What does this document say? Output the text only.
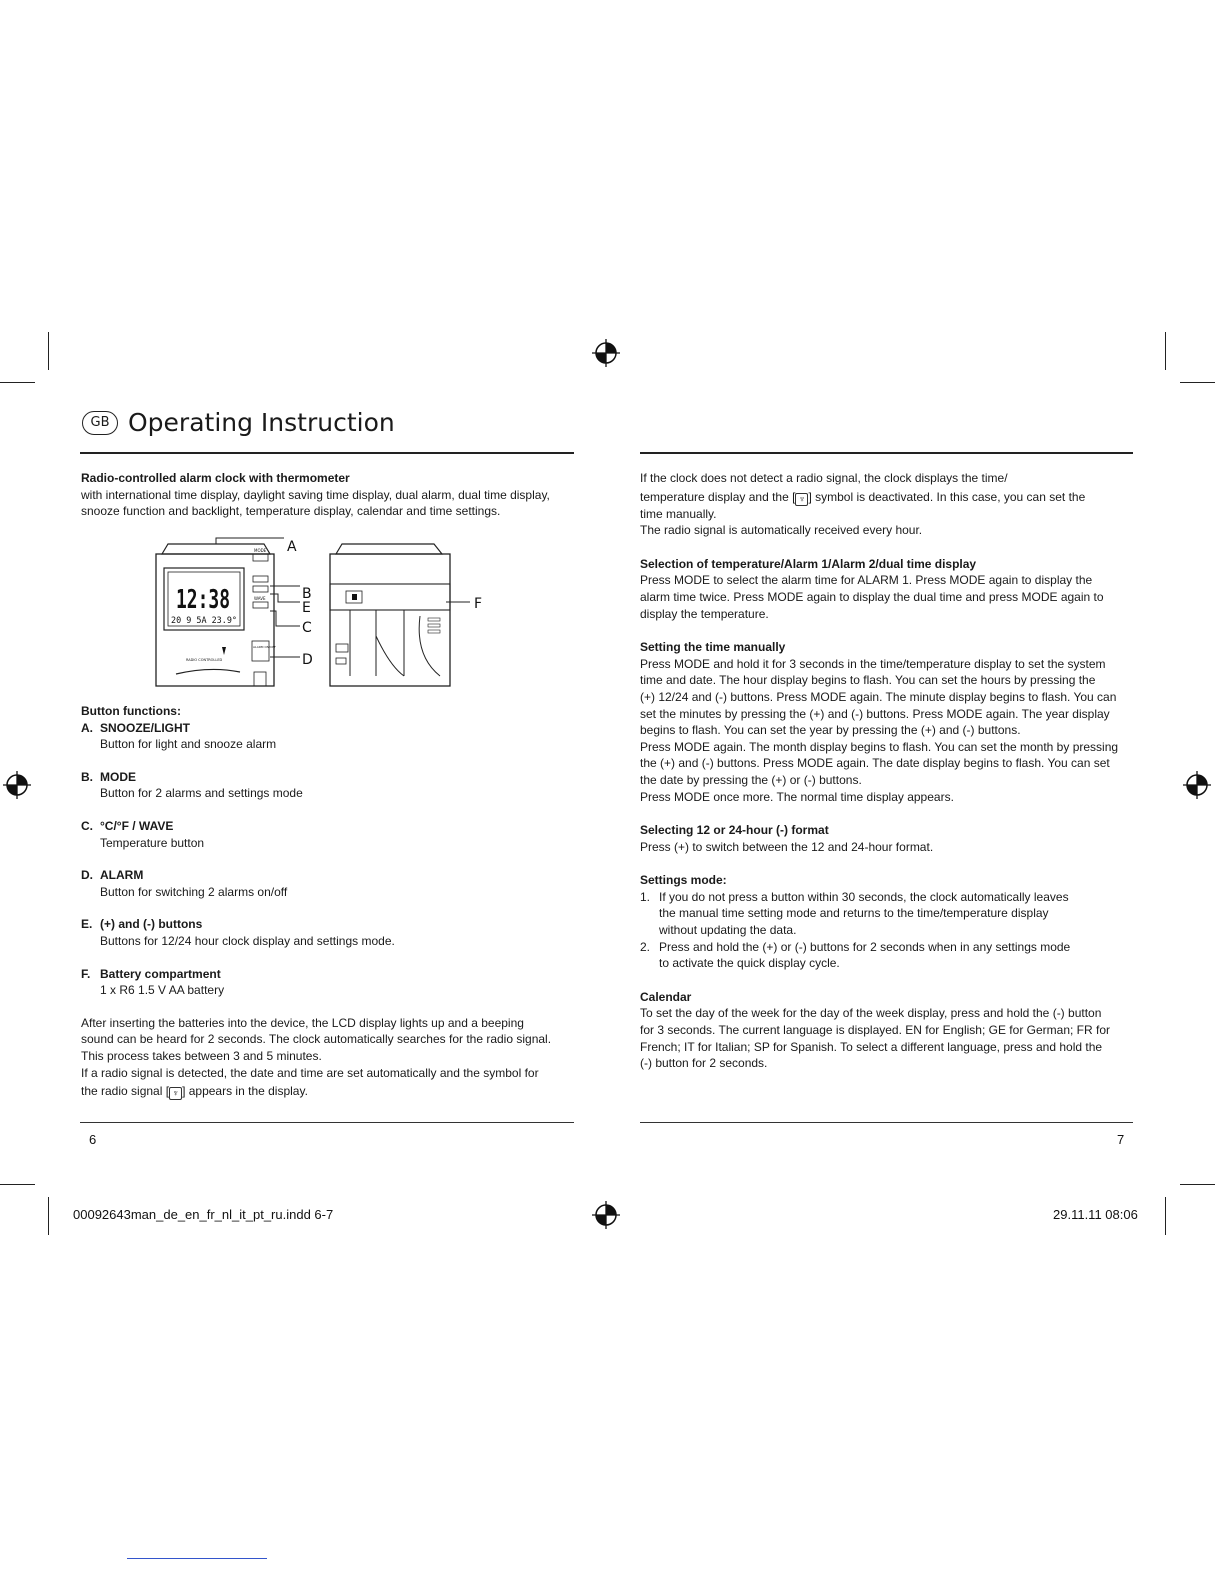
GB Operating Instruction

Radio-controlled alarm clock with thermometer

with international time display, daylight saving time display, dual alarm, dual time display,

snooze function and backlight, temperature display, calendar and time settings.

12:38
20 9 5A 23.9°
MODE
WAVE
ALARM ON/OFF
RADIO CONTROLLED
A
B
E
C
D
F

Button functions:

A. SNOOZE/LIGHT
Button for light and snooze alarm
B. MODE
Button for 2 alarms and settings mode
C. °C/°F / WAVE
Temperature button
D. ALARM
Button for switching 2 alarms on/off
E. (+) and (-) buttons
Buttons for 12/24 hour clock display and settings mode.
F. Battery compartment
1 x R6 1.5 V AA battery

After inserting the batteries into the device, the LCD display lights up and a beeping

sound can be heard for 2 seconds. The clock automatically searches for the radio signal.

This process takes between 3 and 5 minutes.

If a radio signal is detected, the date and time are set automatically and the symbol for

the radio signal [ ♆ ] appears in the display.

If the clock does not detect a radio signal, the clock displays the time/

temperature display and the [ ♆ ] symbol is deactivated. In this case, you can set the

time manually.

The radio signal is automatically received every hour.

Selection of temperature/Alarm 1/Alarm 2/dual time display

Press MODE to select the alarm time for ALARM 1. Press MODE again to display the

alarm time twice. Press MODE again to display the dual time and press MODE again to

display the temperature.

Setting the time manually

Press MODE and hold it for 3 seconds in the time/temperature display to set the system

time and date. The hour display begins to flash. You can set the hours by pressing the

(+) 12/24 and (-) buttons. Press MODE again. The minute display begins to flash. You can

set the minutes by pressing the (+) and (-) buttons. Press MODE again. The year display

begins to flash. You can set the year by pressing the (+) and (-) buttons.

Press MODE again. The month display begins to flash. You can set the month by pressing

the (+) and (-) buttons. Press MODE again. The date display begins to flash. You can set

the date by pressing the (+) or (-) buttons.

Press MODE once more. The normal time display appears.

Selecting 12 or 24-hour (-) format

Press (+) to switch between the 12 and 24-hour format.

Settings mode:

1. If you do not press a button within 30 seconds, the clock automatically leaves

the manual time setting mode and returns to the time/temperature display

without updating the data.

2. Press and hold the (+) or (-) buttons for 2 seconds when in any settings mode

to activate the quick display cycle.

Calendar

To set the day of the week for the day of the week display, press and hold the (-) button

for 3 seconds. The current language is displayed. EN for English; GE for German; FR for

French; IT for Italian; SP for Spanish. To select a different language, press and hold the

(-) button for 2 seconds.

6	7
00092643man_de_en_fr_nl_it_pt_ru.indd 6-7	29.11.11 08:06
